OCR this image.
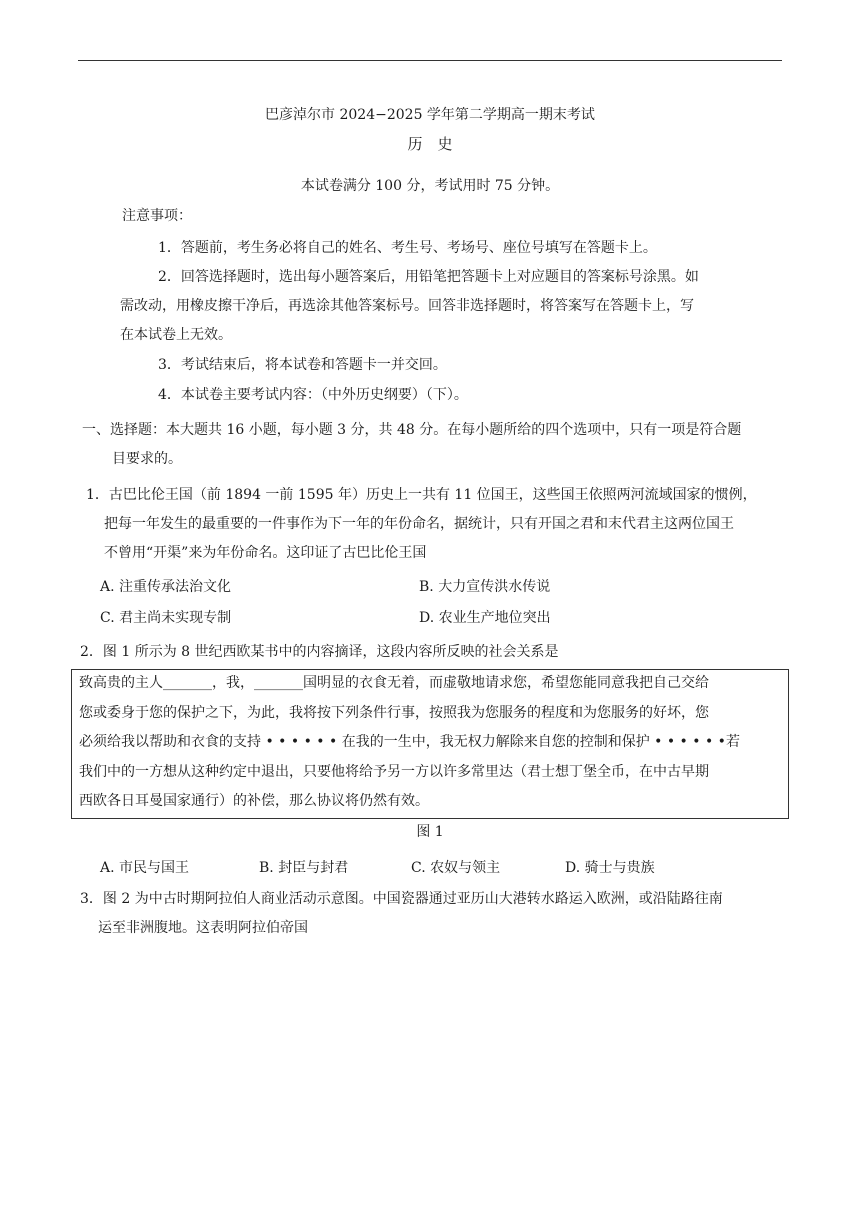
巴彦淖尔市 2024−2025 学年第二学期高一期末考试
历　史
本试卷满分 100 分，考试用时 75 分钟。
注意事项：
1．答题前，考生务必将自己的姓名、考生号、考场号、座位号填写在答题卡上。
2．回答选择题时，选出每小题答案后，用铅笔把答题卡上对应题目的答案标号涂黑。如
需改动，用橡皮擦干净后，再选涂其他答案标号。回答非选择题时，将答案写在答题卡上，写
在本试卷上无效。
3．考试结束后，将本试卷和答题卡一并交回。
4．本试卷主要考试内容：（中外历史纲要）（下）。
一、选择题：本大题共 16 小题，每小题 3 分，共 48 分。在每小题所给的四个选项中，只有一项是符合题
目要求的。
1．古巴比伦王国（前 1894 一前 1595 年）历史上一共有 11 位国王，这些国王依照两河流域国家的惯例，
把每一年发生的最重要的一件事作为下一年的年份命名，据统计，只有开国之君和末代君主这两位国王
不曾用“开渠”来为年份命名。这印证了古巴比伦王国
A. 注重传承法治文化	B. 大力宣传洪水传说
C. 君主尚未实现专制	D. 农业生产地位突出
2．图 1 所示为 8 世纪西欧某书中的内容摘译，这段内容所反映的社会关系是
致高贵的主人_______，我，_______国明显的衣食无着，而虚敬地请求您，希望您能同意我把自己交给
您或委身于您的保护之下，为此，我将按下列条件行事，按照我为您服务的程度和为您服务的好坏，您
必须给我以帮助和衣食的支持 • • • • • • 在我的一生中，我无权力解除来自您的控制和保护 • • • • • •若
我们中的一方想从这种约定中退出，只要他将给予另一方以许多常里达（君士想丁堡全币，在中古早期
西欧各日耳曼国家通行）的补偿，那么协议将仍然有效。
图 1
A. 市民与国王	B. 封臣与封君	C. 农奴与领主	D. 骑士与贵族
3．图 2 为中古时期阿拉伯人商业活动示意图。中国瓷器通过亚历山大港转水路运入欧洲，或沿陆路往南
运至非洲腹地。这表明阿拉伯帝国
